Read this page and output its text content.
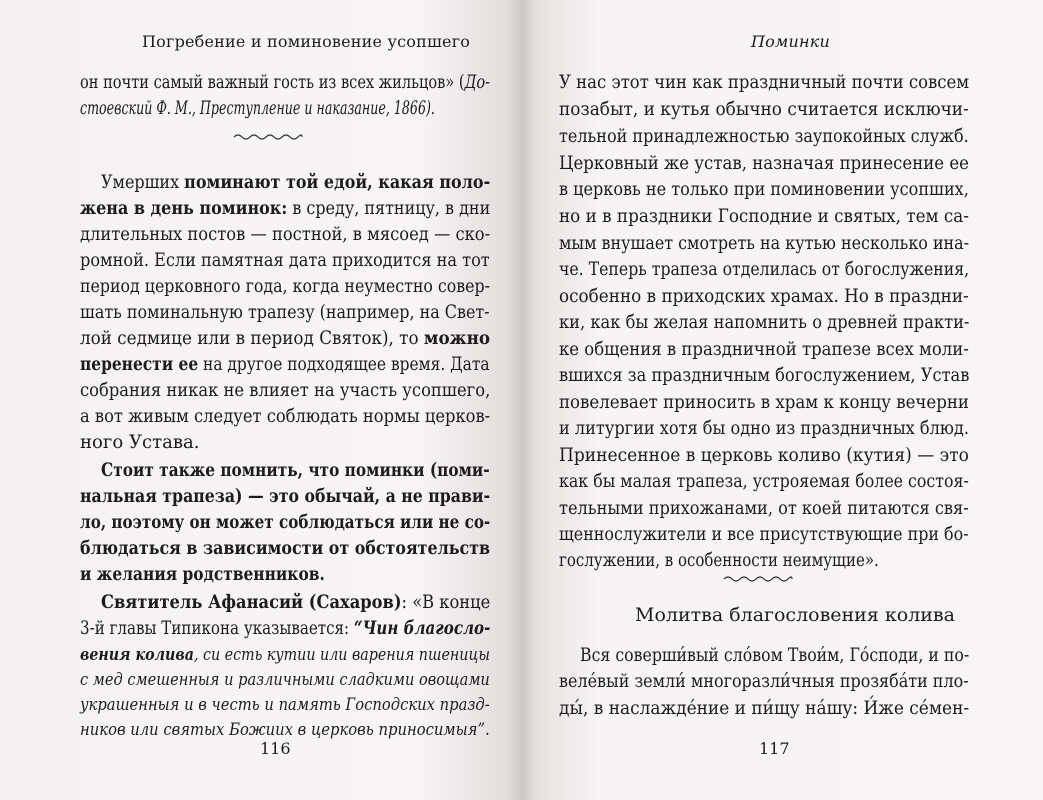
Погребение и поминовение усопшего
он почти самый важный гость из всех жильцов» (До-
стоевский Ф. М., Преступление и наказание, 1866).
Умерших поминают той едой, какая поло-
жена в день поминок: в среду, пятницу, в дни
длительных постов — постной, в мясоед — ско-
ромной. Если памятная дата приходится на тот
период церковного года, когда неуместно совер-
шать поминальную трапезу (например, на Свет-
лой седмице или в период Святок), то можно
перенести ее на другое подходящее время. Дата
собрания никак не влияет на участь усопшего,
а вот живым следует соблюдать нормы церков-
ного Устава.
Стоит также помнить, что поминки (поми-
нальная трапеза) — это обычай, а не прави-
ло, поэтому он может соблюдаться или не со-
блюдаться в зависимости от обстоятельств
и желания родственников.
Святитель Афанасий (Сахаров): «В конце
3-й главы Типикона указывается: “Чин благосло-
вения колива, си есть кутии или варения пшеницы
с мед смешенныя и различными сладкими овощами
украшенныя и в честь и память Господских празд-
ников или святых Божиих в церковь приносимыя”.
116
Поминки
У нас этот чин как праздничный почти совсем
позабыт, и кутья обычно считается исключи-
тельной принадлежностью заупокойных служб.
Церковный же устав, назначая принесение ее
в церковь не только при поминовении усопших,
но и в праздники Господние и святых, тем са-
мым внушает смотреть на кутью несколько ина-
че. Теперь трапеза отделилась от богослужения,
особенно в приходских храмах. Но в праздни-
ки, как бы желая напомнить о древней практи-
ке общения в праздничной трапезе всех моли-
вшихся за праздничным богослужением, Устав
повелевает приносить в храм к концу вечерни
и литургии хотя бы одно из праздничных блюд.
Принесенное в церковь коливо (кутия) — это
как бы малая трапеза, устрояемая более состоя-
тельными прихожанами, от коей питаются свя-
щеннослужители и все присутствующие при бо-
гослужении, в особенности неимущие».
Вся соверши́вый сло́вом Твои́м, Го́споди, и по-
веле́вый земли́ многоразли́чныя прозяба́ти пло-
ды́, в наслажде́ние и пи́щу на́шу: И́же се́мен-
Молитва благословения колива
117
